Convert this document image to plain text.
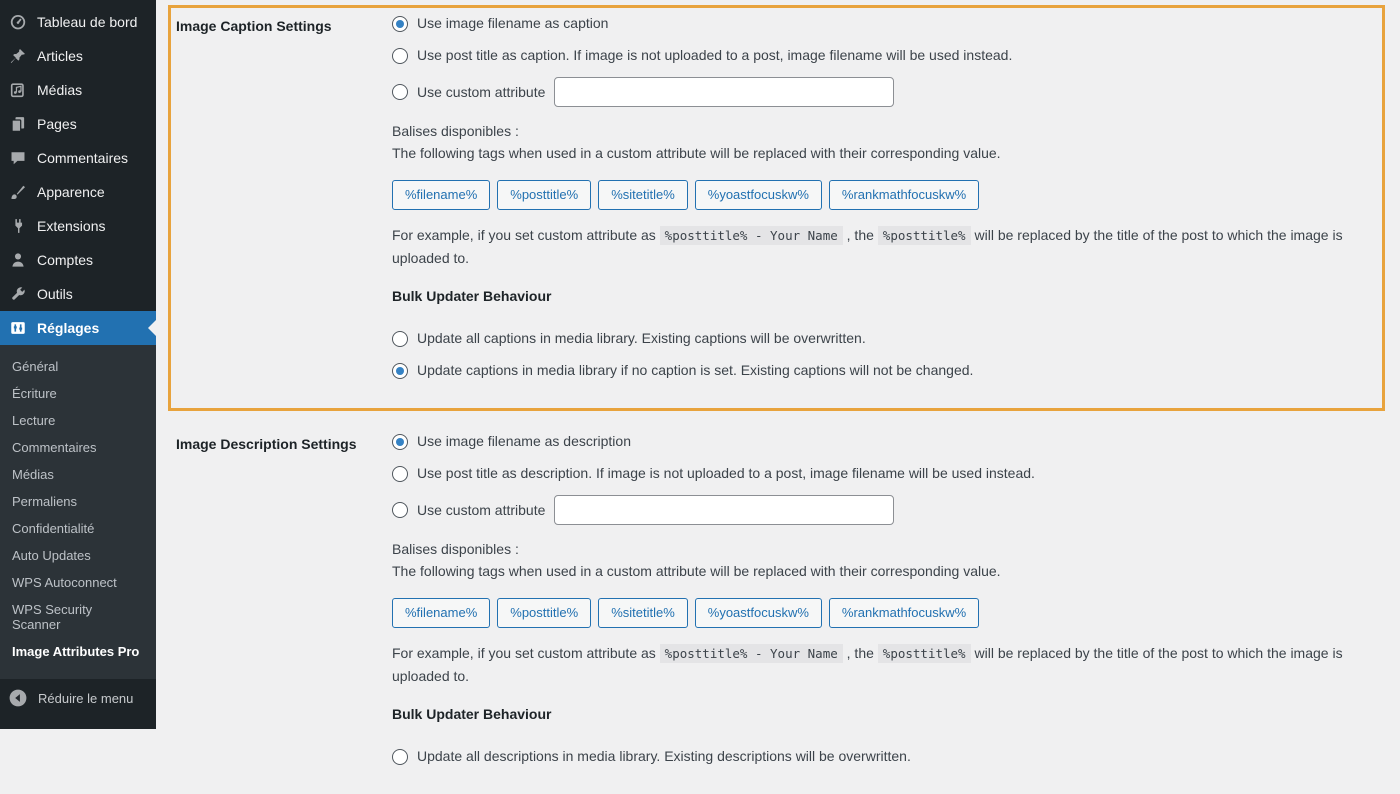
Tableau de bord
Articles
Médias
Pages
Commentaires
Apparence
Extensions
Comptes
Outils
Réglages
Général
Écriture
Lecture
Commentaires
Médias
Permaliens
Confidentialité
Auto Updates
WPS Autoconnect
WPS Security Scanner
Image Attributes Pro
Réduire le menu
Image Caption Settings	Use image filename as caption
Use post title as caption. If image is not uploaded to a post, image filename will be used instead.
Use custom attribute

Balises disponibles :
The following tags when used in a custom attribute will be replaced with their corresponding value.

%filename%	%posttitle%	%sitetitle%	%yoastfocuskw%	%rankmathfocuskw%

For example, if you set custom attribute as %posttitle% - Your Name , the %posttitle% will be replaced by the title of the post to which the image is uploaded to.

Bulk Updater Behaviour

Update all captions in media library. Existing captions will be overwritten.
Update captions in media library if no caption is set. Existing captions will not be changed.
Image Description Settings	Use image filename as description
Use post title as description. If image is not uploaded to a post, image filename will be used instead.
Use custom attribute

Balises disponibles :
The following tags when used in a custom attribute will be replaced with their corresponding value.

%filename%	%posttitle%	%sitetitle%	%yoastfocuskw%	%rankmathfocuskw%

For example, if you set custom attribute as %posttitle% - Your Name , the %posttitle% will be replaced by the title of the post to which the image is uploaded to.

Bulk Updater Behaviour

Update all descriptions in media library. Existing descriptions will be overwritten.
